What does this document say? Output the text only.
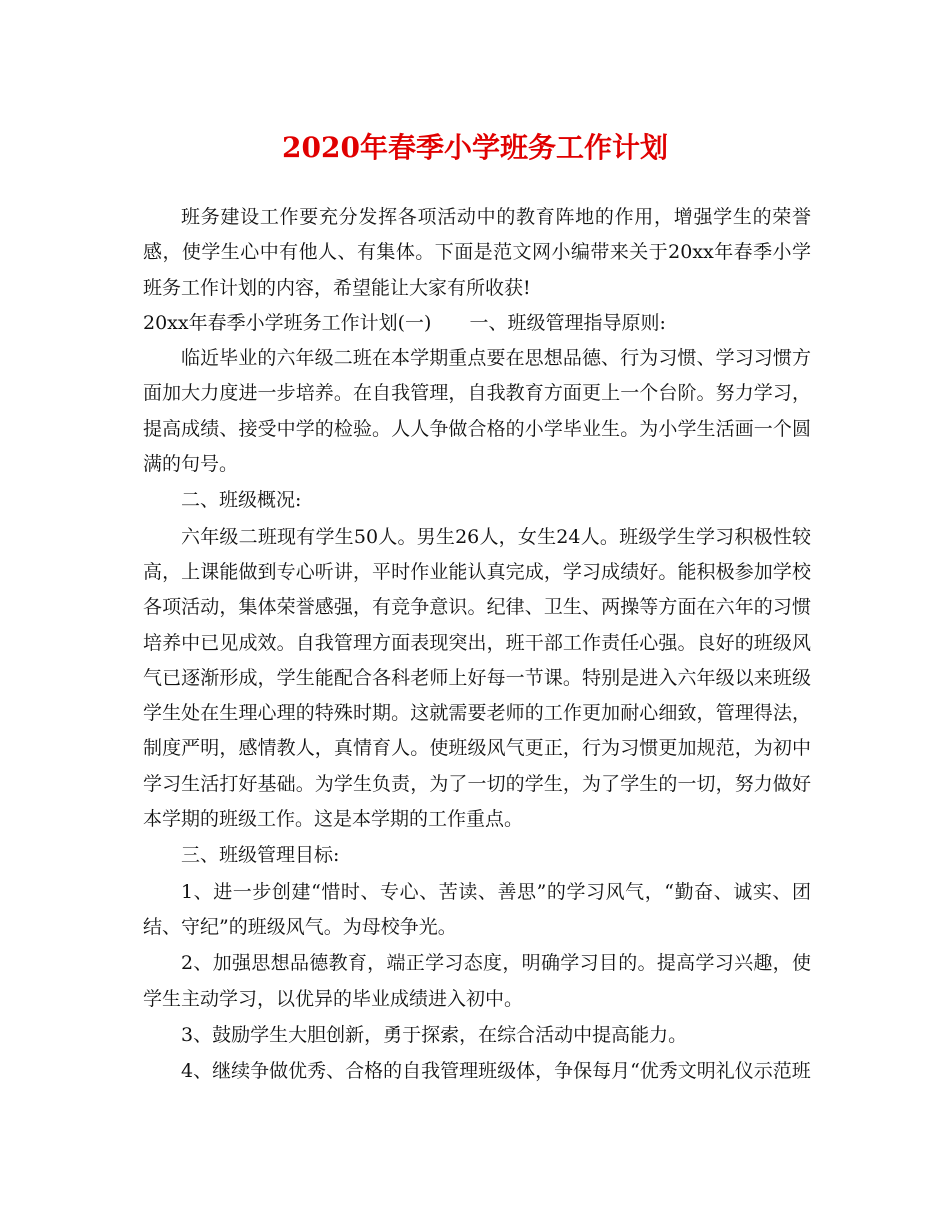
2020年春季小学班务工作计划

班务建设工作要充分发挥各项活动中的教育阵地的作用，增强学生的荣誉感，使学生心中有他人、有集体。下面是范文网小编带来关于20xx年春季小学班务工作计划的内容，希望能让大家有所收获!

20xx年春季小学班务工作计划(一) 一、班级管理指导原则:

临近毕业的六年级二班在本学期重点要在思想品德、行为习惯、学习习惯方面加大力度进一步培养。在自我管理，自我教育方面更上一个台阶。努力学习，提高成绩、接受中学的检验。人人争做合格的小学毕业生。为小学生活画一个圆满的句号。

二、班级概况:

六年级二班现有学生50人。男生26人，女生24人。班级学生学习积极性较高，上课能做到专心听讲，平时作业能认真完成，学习成绩好。能积极参加学校各项活动，集体荣誉感强，有竞争意识。纪律、卫生、两操等方面在六年的习惯培养中已见成效。自我管理方面表现突出，班干部工作责任心强。良好的班级风气已逐渐形成，学生能配合各科老师上好每一节课。特别是进入六年级以来班级学生处在生理心理的特殊时期。这就需要老师的工作更加耐心细致，管理得法，制度严明，感情教人，真情育人。使班级风气更正，行为习惯更加规范，为初中学习生活打好基础。为学生负责，为了一切的学生，为了学生的一切，努力做好本学期的班级工作。这是本学期的工作重点。

三、班级管理目标:

1、进一步创建“惜时、专心、苦读、善思”的学习风气，“勤奋、诚实、团结、守纪”的班级风气。为母校争光。

2、加强思想品德教育，端正学习态度，明确学习目的。提高学习兴趣，使学生主动学习，以优异的毕业成绩进入初中。

3、鼓励学生大胆创新，勇于探索，在综合活动中提高能力。

4、继续争做优秀、合格的自我管理班级体，争保每月“优秀文明礼仪示范班
